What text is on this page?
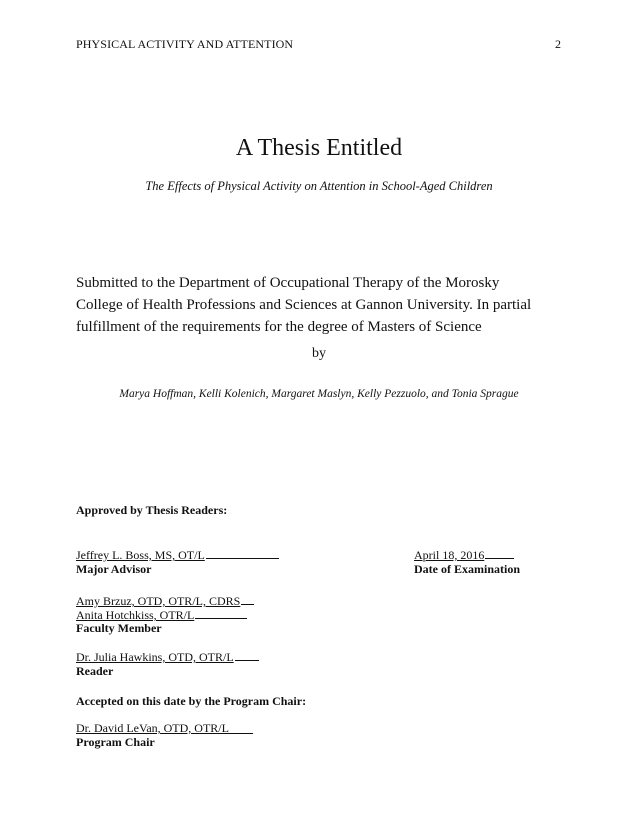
PHYSICAL ACTIVITY AND ATTENTION	2
A Thesis Entitled
The Effects of Physical Activity on Attention in School-Aged Children
Submitted to the Department of Occupational Therapy of the Morosky
College of Health Professions and Sciences at Gannon University. In partial
fulfillment of the requirements for the degree of Masters of Science
by
Marya Hoffman, Kelli Kolenich, Margaret Maslyn, Kelly Pezzuolo, and Tonia Sprague
Approved by Thesis Readers:
Jeffrey L. Boss, MS, OT/L
Major Advisor
April 18, 2016
Date of Examination
Amy Brzuz, OTD, OTR/L, CDRS
Anita Hotchkiss, OTR/L
Faculty Member
Dr. Julia Hawkins, OTD, OTR/L
Reader
Accepted on this date by the Program Chair:
Dr. David LeVan, OTD, OTR/L____
Program Chair
